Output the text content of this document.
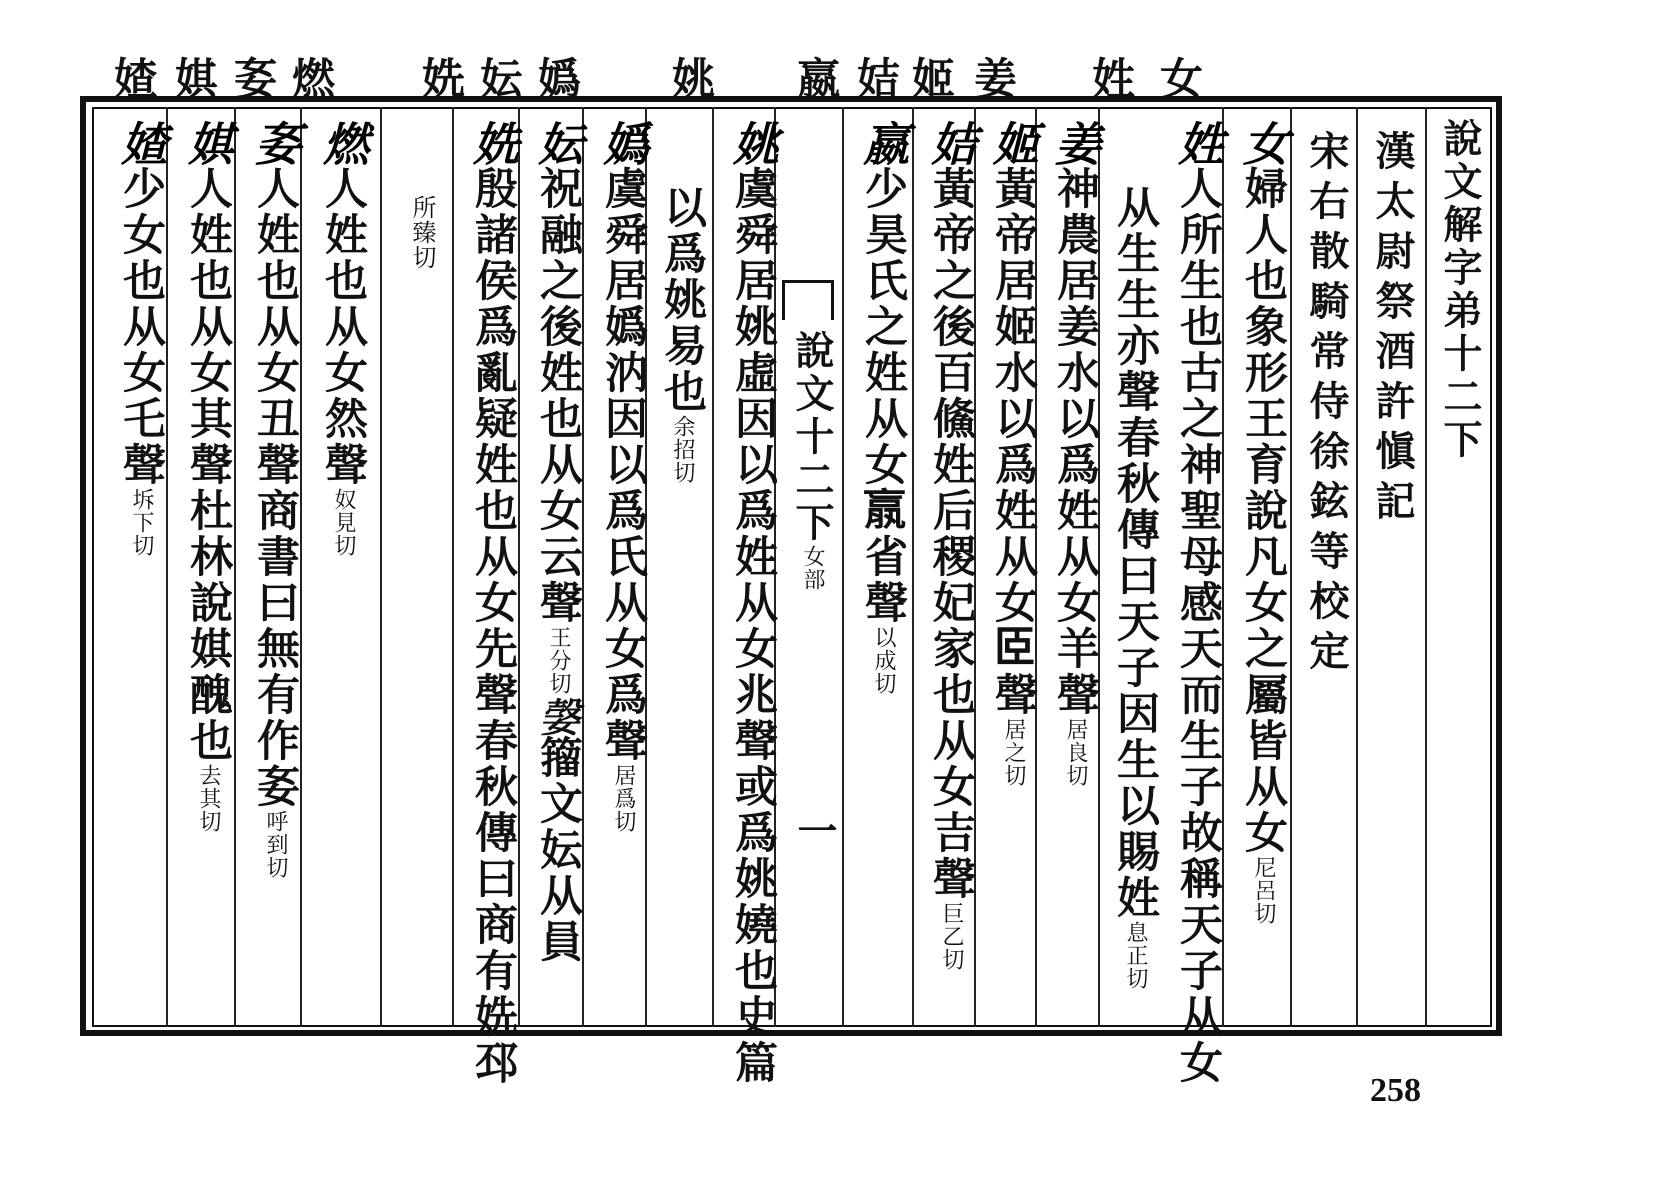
女
姓
姜
姬
姞
嬴
姚
嬀
妘
姺
燃
㚣
娸
㜁
說文解字弟十二下
漢太尉祭酒許愼記
宋右散騎常侍徐鉉等校定
女婦人也象形王育說凡女之屬皆从女尼呂切
姓人所生也古之神聖母感天而生子故稱天子从女
从生生亦聲春秋傳曰天子因生以賜姓息正切
姜神農居姜水以爲姓从女羊聲居良切
姬黃帝居姬水以爲姓从女𦣞聲居之切
姞黃帝之後百鯈姓后稷妃家也从女吉聲巨乙切
嬴少昊氏之姓从女𣎆省聲以成切
說文十二下女部
一
姚虞舜居姚虛因以爲姓从女兆聲或爲姚嬈也史篇
以爲姚易也余招切
嬀虞舜居嬀汭因以爲氏从女爲聲居爲切
妘祝融之後姓也从女云聲王分切𡠆籀文妘从員
姺殷諸侯爲亂疑姓也从女先聲春秋傳曰商有姺邳
所臻切
燃人姓也从女然聲奴見切
㚣人姓也从女丑聲商書曰無有作㚣呼到切
娸人姓也从女其聲杜林說娸醜也去其切
㜁少女也从女乇聲坼下切
258
